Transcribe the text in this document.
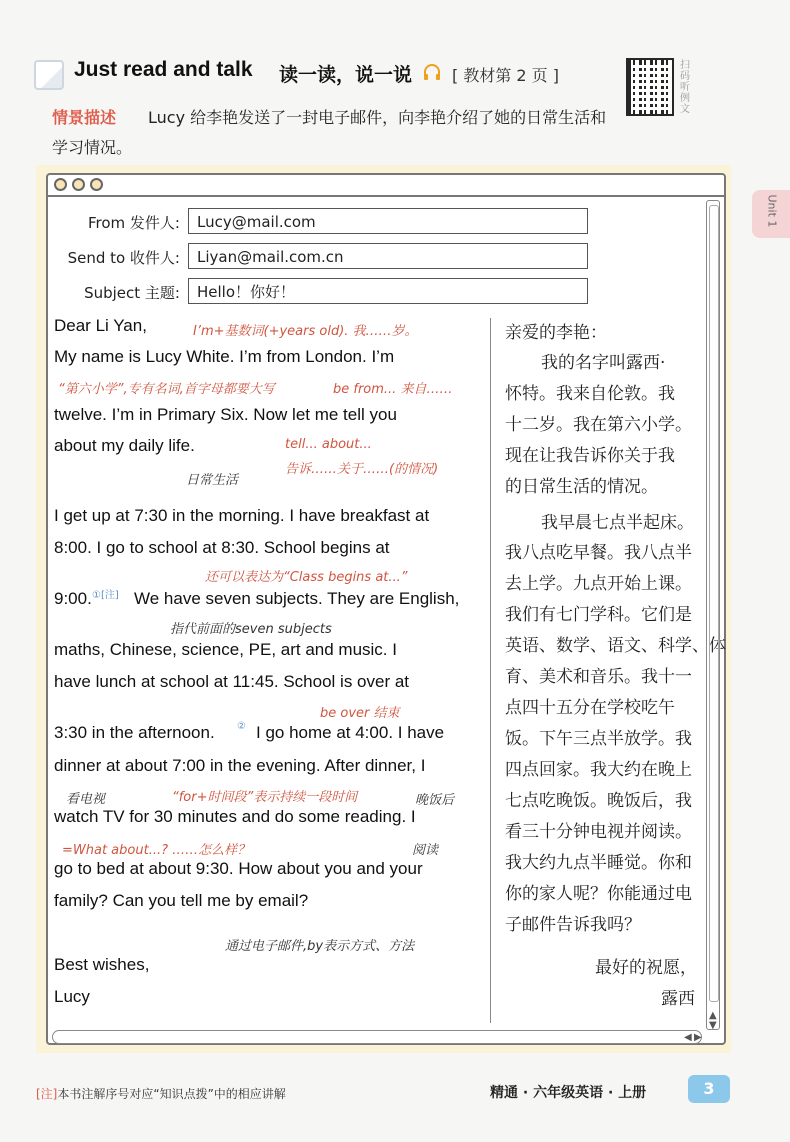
Just read and talk 读一读，说一说 [ 教材第 2 页 ]
扫码听例文
Lucy 给李艳发送了一封电子邮件，向李艳介绍了她的日常生活和学习情况。
情景描述
Unit 1
From 发件人:	Lucy@mail.com
Send to 收件人:	Liyan@mail.com.cn
Subject 主题:	Hello！你好！
Dear Li Yan,
My name is Lucy White. I’m from London. I’m
twelve. I’m in Primary Six. Now let me tell you
about my daily life.
I get up at 7:30 in the morning. I have breakfast at
8:00. I go to school at 8:30. School begins at
9:00. ①[注] We have seven subjects. They are English,
maths, Chinese, science, PE, art and music. I
have lunch at school at 11:45. School is over at
3:30 in the afternoon. ② I go home at 4:00. I have
dinner at about 7:00 in the evening. After dinner, I
watch TV for 30 minutes and do some reading. I
go to bed at about 9:30. How about you and your
family? Can you tell me by email?
Best wishes,
Lucy
I’m+基数词(+years old). 我……岁。
“第六小学”,专有名词,首字母都要大写	be from... 来自……
tell... about...
告诉……关于……(的情况)
日常生活
还可以表达为“Class begins at...”
指代前面的seven subjects
be over 结束
看电视	“for+时间段”表示持续一段时间	晚饭后
=What about...? ……怎么样？	阅读
通过电子邮件,by表示方式、方法
亲爱的李艳：
我的名字叫露西·
怀特。我来自伦敦。我
十二岁。我在第六小学。
现在让我告诉你关于我
的日常生活的情况。
我早晨七点半起床。
我八点吃早餐。我八点半
去上学。九点开始上课。
我们有七门学科。它们是
英语、数学、语文、科学、体
育、美术和音乐。我十一
点四十五分在学校吃午
饭。下午三点半放学。我
四点回家。我大约在晚上
七点吃晚饭。晚饭后，我
看三十分钟电视并阅读。
我大约九点半睡觉。你和
你的家人呢？你能通过电
子邮件告诉我吗？
最好的祝愿，
露西
▲
▼
◀ ▶
[注]本书注解序号对应“知识点拨”中的相应讲解	精通 · 六年级英语 · 上册	3
